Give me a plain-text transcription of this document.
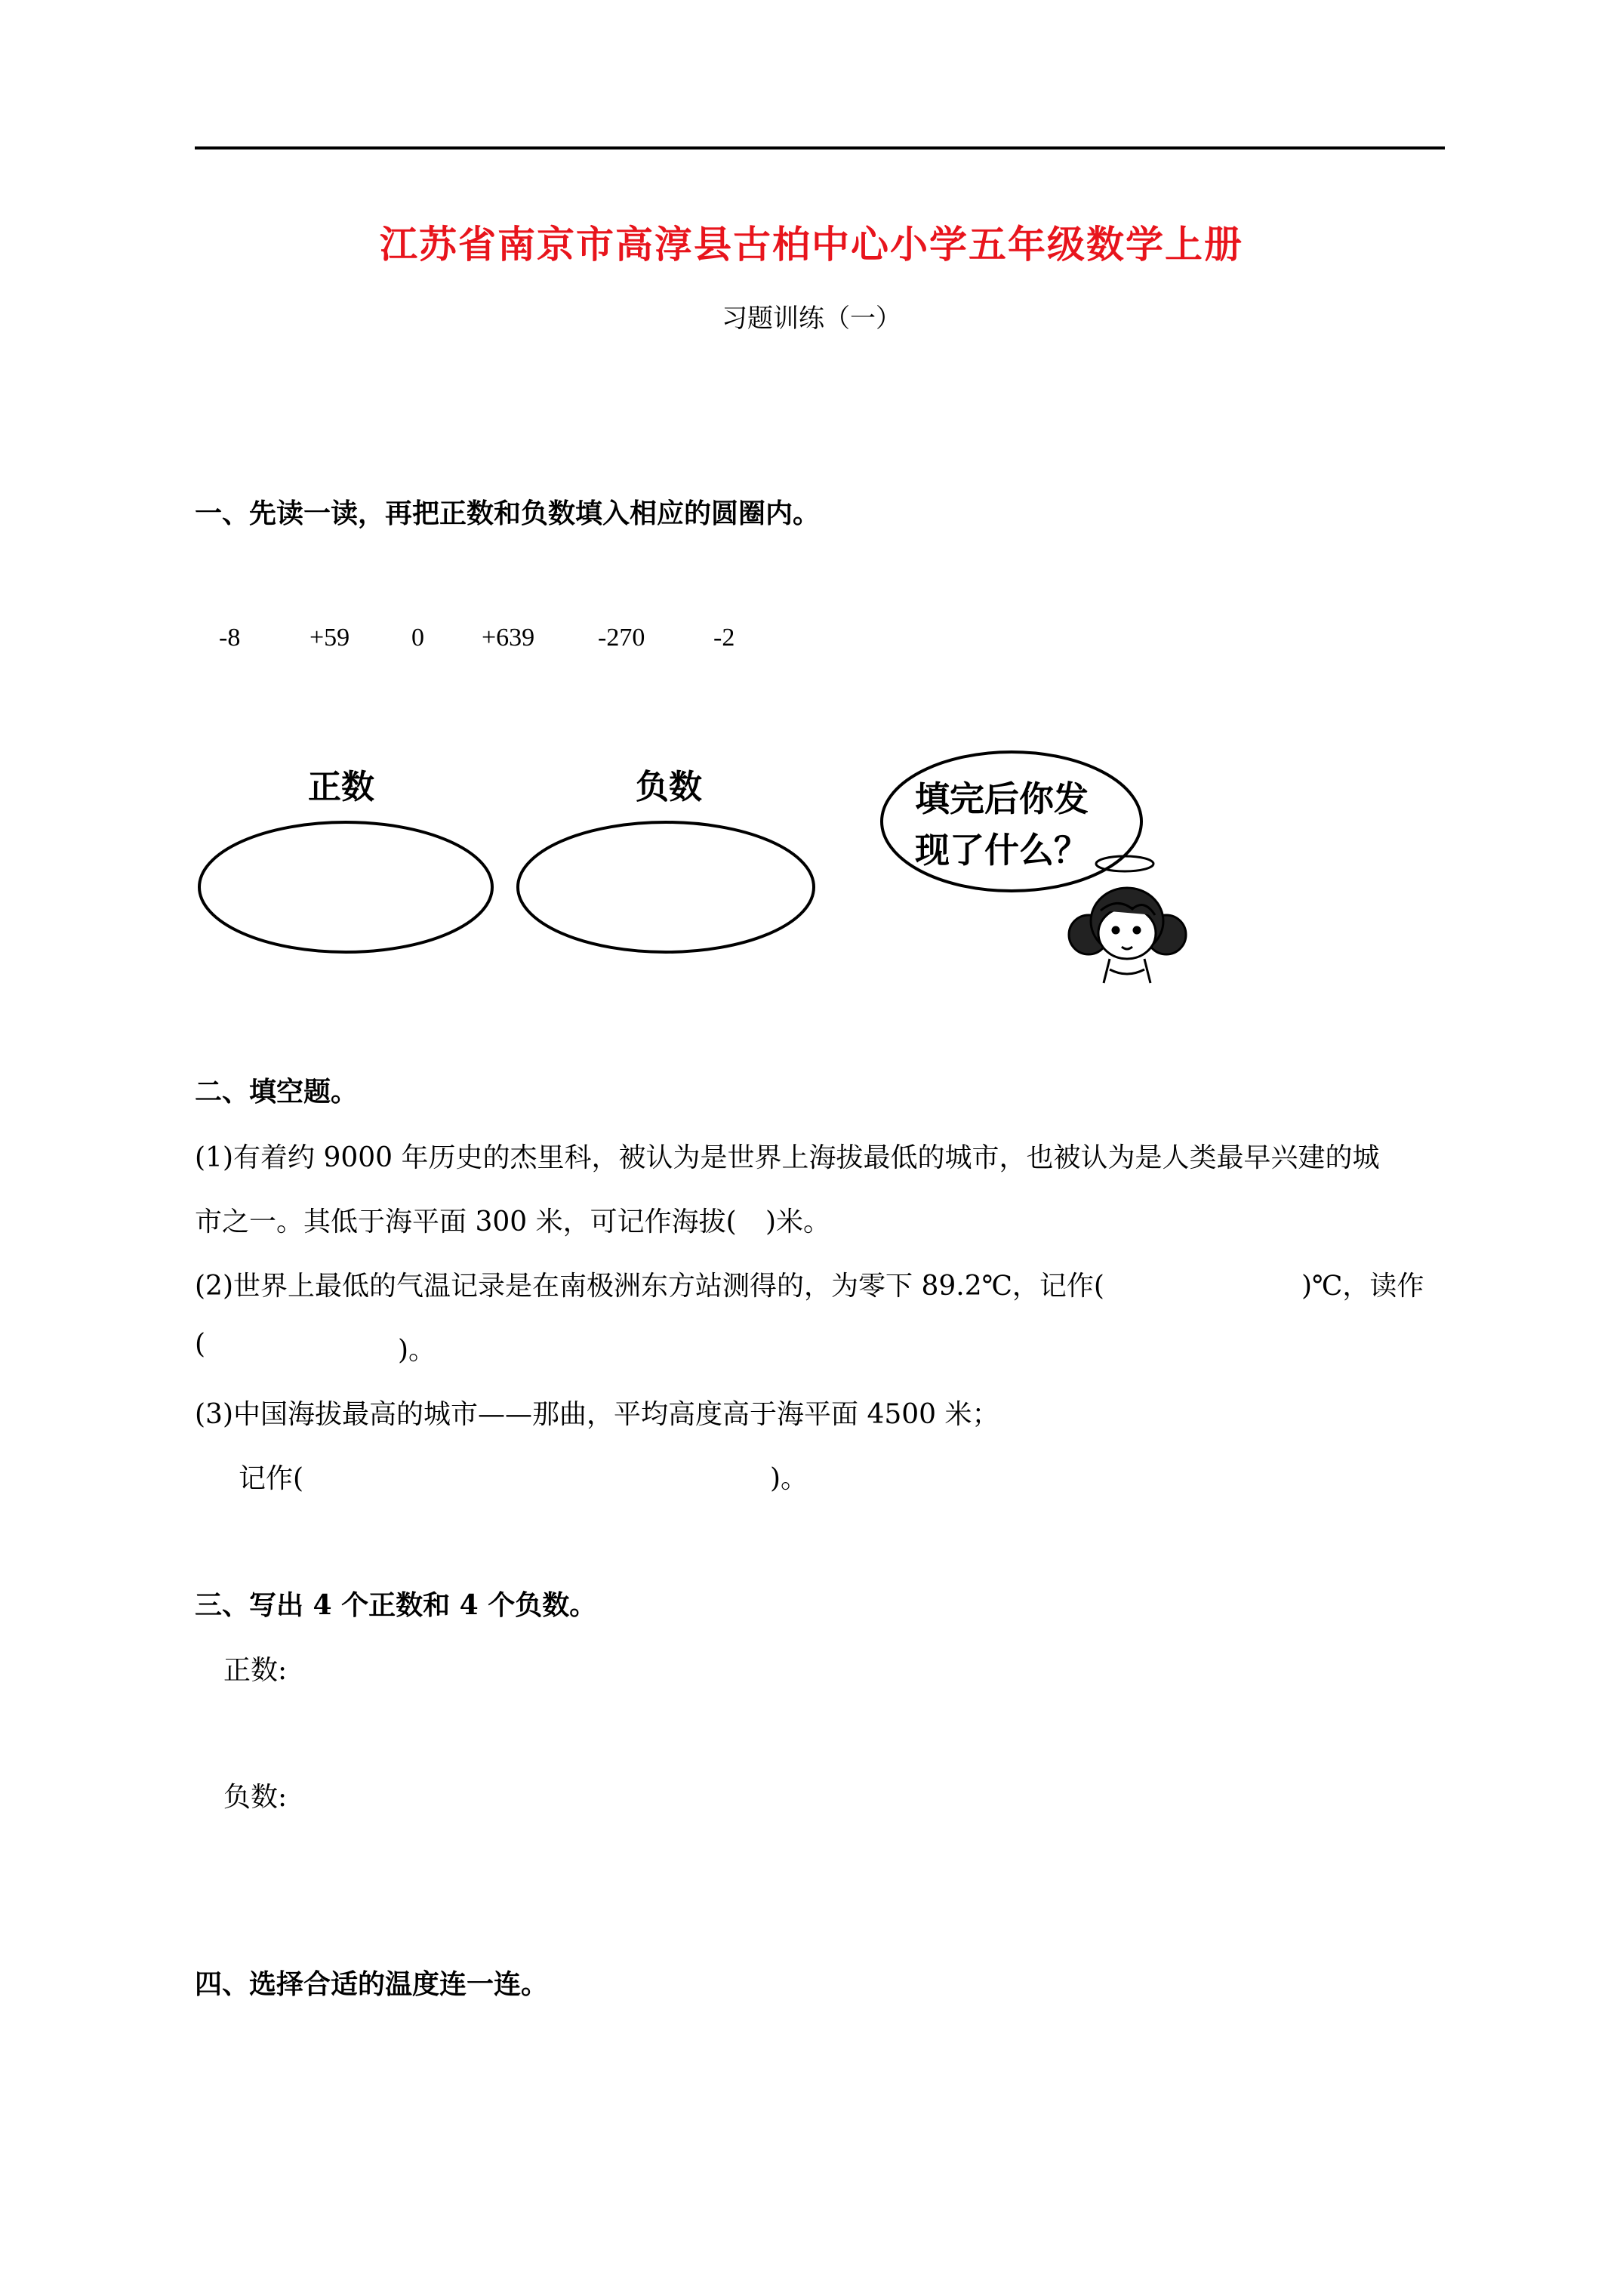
江苏省南京市高淳县古柏中心小学五年级数学上册
习题训练（一）
一、先读一读，再把正数和负数填入相应的圆圈内。
-8	+59 0 +639 -270	-2
正数	负数	填完后你发
现了什么？
二、填空题。
(1)有着约 9000 年历史的杰里科，被认为是世界上海拔最低的城市，也被认为是人类最早兴建的城
市之一。其低于海平面 300 米，可记作海拔( )米。
(2)世界上最低的气温记录是在南极洲东方站测得的，为零下 89.2℃，记作(	)℃，读作
(	)。
(3)中国海拔最高的城市——那曲，平均高度高于海平面 4500 米；
记作(	)。
三、写出 4 个正数和 4 个负数。
正数:
负数:
四、选择合适的温度连一连。
